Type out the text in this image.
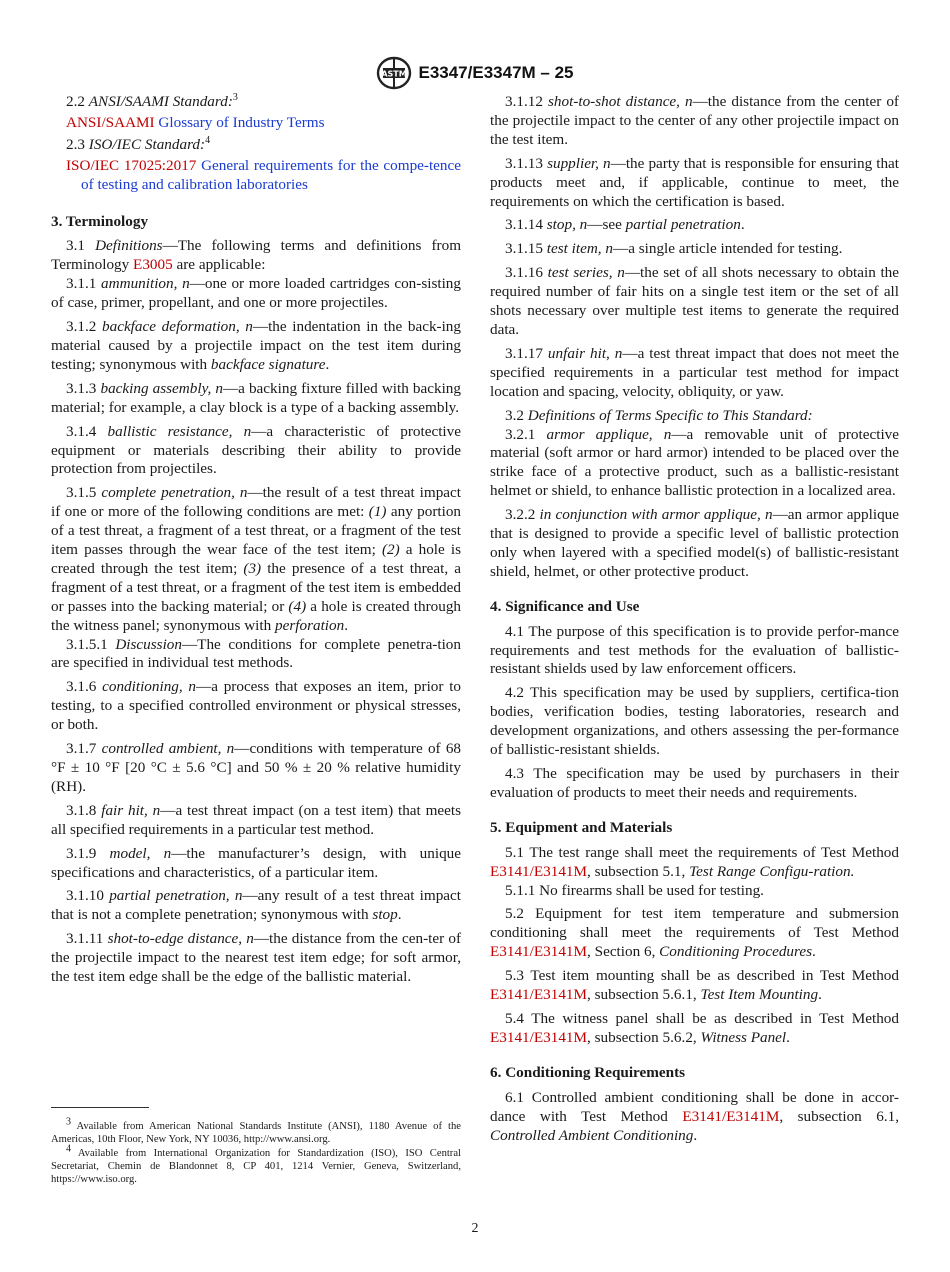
ASTM E3347/E3347M – 25

2.2 ANSI/SAAMI Standard:$^3$

ANSI/SAAMI Glossary of Industry Terms

2.3 ISO/IEC Standard:$^4$

ISO/IEC 17025:2017 General requirements for the compe-tence of testing and calibration laboratories
3. Terminology

3.1 Definitions—The following terms and definitions from Terminology E3005 are applicable:

3.1.1 ammunition, n—one or more loaded cartridges con-sisting of case, primer, propellant, and one or more projectiles.

3.1.2 backface deformation, n—the indentation in the back-ing material caused by a projectile impact on the test item during testing; synonymous with backface signature.

3.1.3 backing assembly, n—a backing fixture filled with backing material; for example, a clay block is a type of a backing assembly.

3.1.4 ballistic resistance, n—a characteristic of protective equipment or materials describing their ability to provide protection from projectiles.

3.1.5 complete penetration, n—the result of a test threat impact if one or more of the following conditions are met: (1) any portion of a test threat, a fragment of a test threat, or a fragment of the test item passes through the wear face of the test item; (2) a hole is created through the test item; (3) the presence of a test threat, a fragment of a test threat, or a fragment of the test item is embedded or passes into the backing material; or (4) a hole is created through the witness panel; synonymous with perforation.

3.1.5.1 Discussion—The conditions for complete penetra-tion are specified in individual test methods.

3.1.6 conditioning, n—a process that exposes an item, prior to testing, to a specified controlled environment or physical stresses, or both.

3.1.7 controlled ambient, n—conditions with temperature of 68 °F ± 10 °F [20 °C ± 5.6 °C] and 50 % ± 20 % relative humidity (RH).

3.1.8 fair hit, n—a test threat impact (on a test item) that meets all specified requirements in a particular test method.

3.1.9 model, n—the manufacturer’s design, with unique specifications and characteristics, of a particular item.

3.1.10 partial penetration, n—any result of a test threat impact that is not a complete penetration; synonymous with stop.

3.1.11 shot-to-edge distance, n—the distance from the cen-ter of the projectile impact to the nearest test item edge; for soft armor, the test item edge shall be the edge of the ballistic material.

$^3$ Available from American National Standards Institute (ANSI), 1180 Avenue of the Americas, 10th Floor, New York, NY 10036, http://www.ansi.org.
$^4$ Available from International Organization for Standardization (ISO), ISO Central Secretariat, Chemin de Blandonnet 8, CP 401, 1214 Vernier, Geneva, Switzerland, https://www.iso.org.

3.1.12 shot-to-shot distance, n—the distance from the center of the projectile impact to the center of any other projectile impact on the test item.

3.1.13 supplier, n—the party that is responsible for ensuring that products meet and, if applicable, continue to meet, the requirements on which the certification is based.

3.1.14 stop, n—see partial penetration.

3.1.15 test item, n—a single article intended for testing.

3.1.16 test series, n—the set of all shots necessary to obtain the required number of fair hits on a single test item or the set of all shots necessary over multiple test items to generate the required data.

3.1.17 unfair hit, n—a test threat impact that does not meet the specified requirements in a particular test method for impact location and spacing, velocity, obliquity, or yaw.

3.2 Definitions of Terms Specific to This Standard:

3.2.1 armor applique, n—a removable unit of protective material (soft armor or hard armor) intended to be placed over the strike face of a protective product, such as a ballistic-resistant helmet or shield, to enhance ballistic protection in a localized area.

3.2.2 in conjunction with armor applique, n—an armor applique that is designed to provide a specific level of ballistic protection only when layered with a specified model(s) of ballistic-resistant shield, helmet, or other protective product.

4. Significance and Use

4.1 The purpose of this specification is to provide perfor-mance requirements and test methods for the evaluation of ballistic-resistant shields used by law enforcement officers.

4.2 This specification may be used by suppliers, certifica-tion bodies, verification bodies, testing laboratories, research and development organizations, and others assessing the per-formance of ballistic-resistant shields.

4.3 The specification may be used by purchasers in their evaluation of products to meet their needs and requirements.

5. Equipment and Materials

5.1 The test range shall meet the requirements of Test Method E3141/E3141M, subsection 5.1, Test Range Configu-ration.

5.1.1 No firearms shall be used for testing.

5.2 Equipment for test item temperature and submersion conditioning shall meet the requirements of Test Method E3141/E3141M, Section 6, Conditioning Procedures.

5.3 Test item mounting shall be as described in Test Method E3141/E3141M, subsection 5.6.1, Test Item Mounting.

5.4 The witness panel shall be as described in Test Method E3141/E3141M, subsection 5.6.2, Witness Panel.

6. Conditioning Requirements

6.1 Controlled ambient conditioning shall be done in accor-dance with Test Method E3141/E3141M, subsection 6.1, Controlled Ambient Conditioning.

2
